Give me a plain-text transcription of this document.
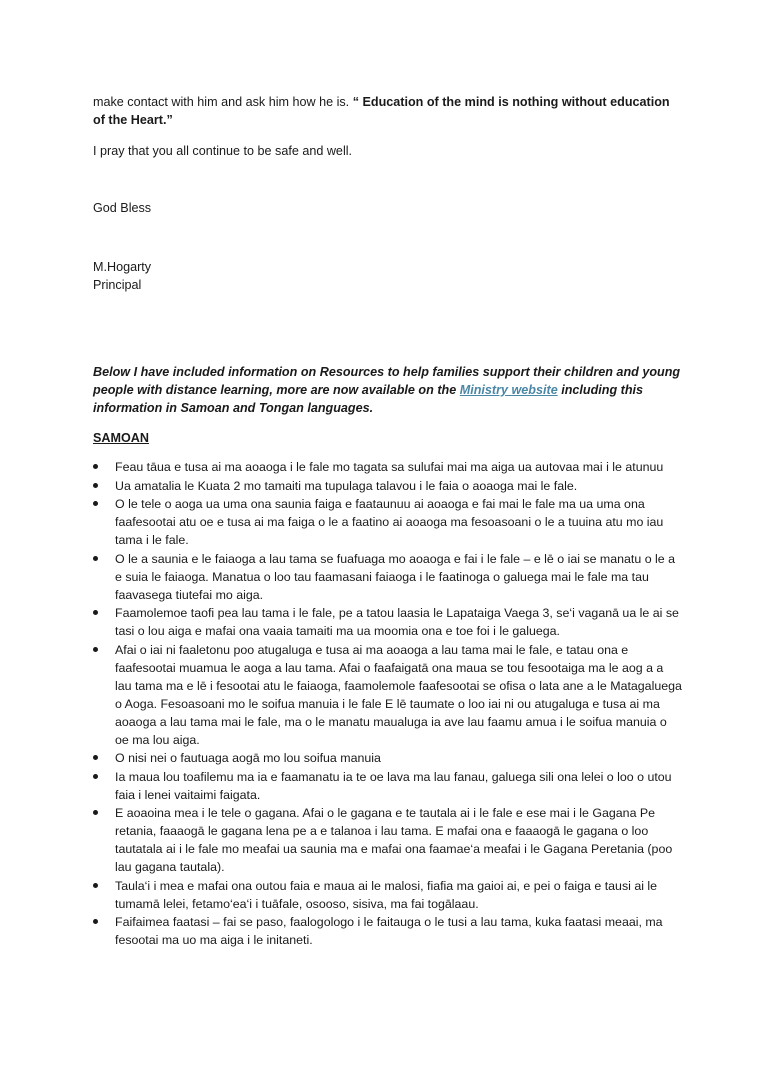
make contact with him and ask him how he is. “ Education of the mind is nothing without education of the Heart.”
I pray that you all continue to be safe and well.
God Bless
M.Hogarty
Principal
Below I have included information on Resources to help families support their children and young people with distance learning, more are now available on the Ministry website including this information in Samoan and Tongan languages.
SAMOAN
Feau tāua e tusa ai ma aoaoga i le fale mo tagata sa sulufai mai ma aiga ua autovaa mai i le atunuu
Ua amatalia le Kuata 2 mo tamaiti ma tupulaga talavou i le faia o aoaoga mai le fale.
O le tele o aoga ua uma ona saunia faiga e faataunuu ai aoaoga e fai mai le fale ma ua uma ona faafesootai atu oe e tusa ai ma faiga o le a faatino ai aoaoga ma fesoasoani o le a tuuina atu mo iau tama i le fale.
O le a saunia e le faiaoga a lau tama se fuafuaga mo aoaoga e fai i le fale – e lē o iai se manatu o le a e suia le faiaoga. Manatua o loo tau faamasani faiaoga i le faatinoga o galuega mai le fale ma tau faavasega tiutefai mo aiga.
Faamolemoe taofi pea lau tama i le fale, pe a tatou laasia le Lapataiga Vaega 3, se‘i vaganā ua le ai se tasi o lou aiga e mafai ona vaaia tamaiti ma ua moomia ona e toe foi i le galuega.
Afai o iai ni faaletonu poo atugaluga e tusa ai ma aoaoga a lau tama mai le fale, e tatau ona e faafesootai muamua le aoga a lau tama. Afai o faafaigatā ona maua se tou fesootaiga ma le aog a a lau tama ma e lē i fesootai atu le faiaoga, faamolemole faafesootai se ofisa o lata ane a le Matagaluega o Aoga. Fesoasoani mo le soifua manuia i le fale E lē taumate o loo iai ni ou atugaluga e tusa ai ma aoaoga a lau tama mai le fale, ma o le manatu maualuga ia ave lau faamu amua i le soifua manuia o oe ma lou aiga.
O nisi nei o fautuaga aogā mo lou soifua manuia
Ia maua lou toafilemu ma ia e faamanatu ia te oe lava ma lau fanau, galuega sili ona lelei o loo o utou faia i lenei vaitaimi faigata.
E aoaoina mea i le tele o gagana. Afai o le gagana e te tautala ai i le fale e ese mai i le Gagana Pe retania, faaaogā le gagana lena pe a e talanoa i lau tama. E mafai ona e faaaogā le gagana o loo tautatala ai i le fale mo meafai ua saunia ma e mafai ona faamae‘a meafai i le Gagana Peretania (poo lau gagana tautala).
Taula‘i i mea e mafai ona outou faia e maua ai le malosi, fiafia ma gaioi ai, e pei o faiga e tausi ai le tumamā lelei, fetamo‘ea‘i i tuāfale, osooso, sisiva, ma fai togālaau.
Faifaimea faatasi – fai se paso, faalogologo i le faitauga o le tusi a lau tama, kuka faatasi meaai, ma fesootai ma uo ma aiga i le initaneti.
